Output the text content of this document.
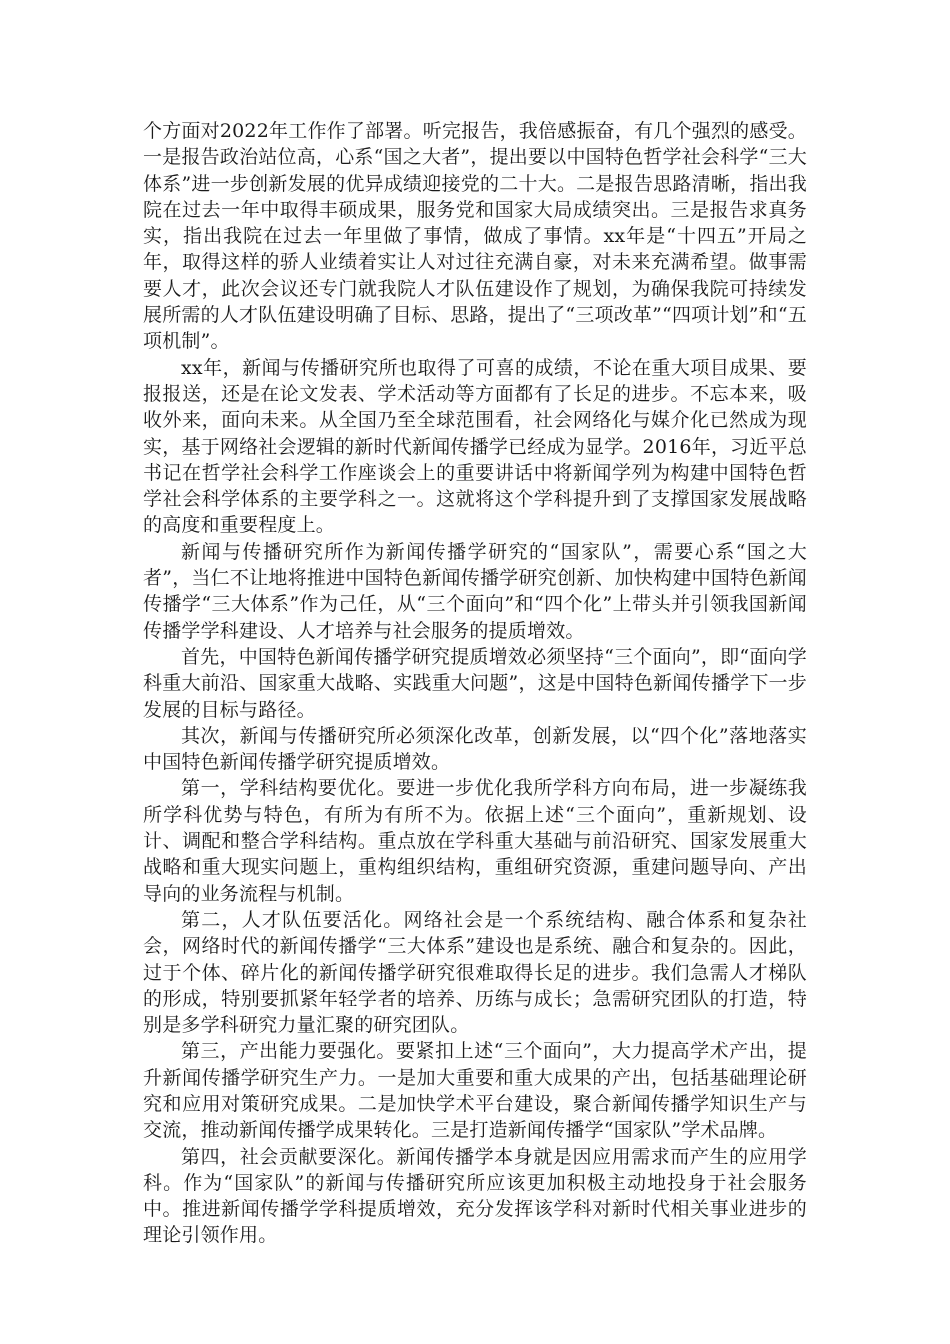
个方面对2022年工作作了部署。听完报告，我倍感振奋，有几个强烈的感受。一是报告政治站位高，心系“国之大者”，提出要以中国特色哲学社会科学“三大体系”进一步创新发展的优异成绩迎接党的二十大。二是报告思路清晰，指出我院在过去一年中取得丰硕成果，服务党和国家大局成绩突出。三是报告求真务实，指出我院在过去一年里做了事情，做成了事情。xx年是“十四五”开局之年，取得这样的骄人业绩着实让人对过往充满自豪，对未来充满希望。做事需要人才，此次会议还专门就我院人才队伍建设作了规划，为确保我院可持续发展所需的人才队伍建设明确了目标、思路，提出了“三项改革”“四项计划”和“五项机制”。

xx年，新闻与传播研究所也取得了可喜的成绩，不论在重大项目成果、要报报送，还是在论文发表、学术活动等方面都有了长足的进步。不忘本来，吸收外来，面向未来。从全国乃至全球范围看，社会网络化与媒介化已然成为现实，基于网络社会逻辑的新时代新闻传播学已经成为显学。2016年，习近平总书记在哲学社会科学工作座谈会上的重要讲话中将新闻学列为构建中国特色哲学社会科学体系的主要学科之一。这就将这个学科提升到了支撑国家发展战略的高度和重要程度上。

新闻与传播研究所作为新闻传播学研究的“国家队”，需要心系“国之大者”，当仁不让地将推进中国特色新闻传播学研究创新、加快构建中国特色新闻传播学“三大体系”作为己任，从“三个面向”和“四个化”上带头并引领我国新闻传播学学科建设、人才培养与社会服务的提质增效。

首先，中国特色新闻传播学研究提质增效必须坚持“三个面向”，即“面向学科重大前沿、国家重大战略、实践重大问题”，这是中国特色新闻传播学下一步发展的目标与路径。

其次，新闻与传播研究所必须深化改革，创新发展，以“四个化”落地落实中国特色新闻传播学研究提质增效。

第一，学科结构要优化。要进一步优化我所学科方向布局，进一步凝练我所学科优势与特色，有所为有所不为。依据上述“三个面向”，重新规划、设计、调配和整合学科结构。重点放在学科重大基础与前沿研究、国家发展重大战略和重大现实问题上，重构组织结构，重组研究资源，重建问题导向、产出导向的业务流程与机制。

第二，人才队伍要活化。网络社会是一个系统结构、融合体系和复杂社会，网络时代的新闻传播学“三大体系”建设也是系统、融合和复杂的。因此，过于个体、碎片化的新闻传播学研究很难取得长足的进步。我们急需人才梯队的形成，特别要抓紧年轻学者的培养、历练与成长；急需研究团队的打造，特别是多学科研究力量汇聚的研究团队。

第三，产出能力要强化。要紧扣上述“三个面向”，大力提高学术产出，提升新闻传播学研究生产力。一是加大重要和重大成果的产出，包括基础理论研究和应用对策研究成果。二是加快学术平台建设，聚合新闻传播学知识生产与交流，推动新闻传播学成果转化。三是打造新闻传播学“国家队”学术品牌。

第四，社会贡献要深化。新闻传播学本身就是因应用需求而产生的应用学科。作为“国家队”的新闻与传播研究所应该更加积极主动地投身于社会服务中。推进新闻传播学学科提质增效，充分发挥该学科对新时代相关事业进步的理论引领作用。
